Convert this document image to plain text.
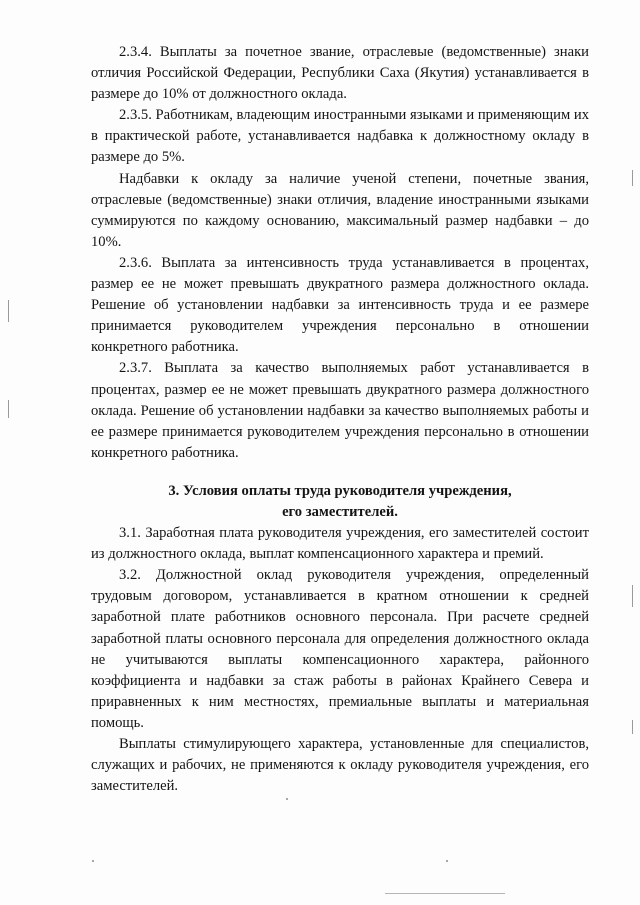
2.3.4. Выплаты за почетное звание, отраслевые (ведомственные) знаки отличия Российской Федерации, Республики Саха (Якутия) устанавливается в размере до 10% от должностного оклада.

2.3.5. Работникам, владеющим иностранными языками и применяющим их в практической работе, устанавливается надбавка к должностному окладу в размере до 5%.

Надбавки к окладу за наличие ученой степени, почетные звания, отраслевые (ведомственные) знаки отличия, владение иностранными языками суммируются по каждому основанию, максимальный размер надбавки – до 10%.

2.3.6. Выплата за интенсивность труда устанавливается в процентах, размер ее не может превышать двукратного размера должностного оклада. Решение об установлении надбавки за интенсивность труда и ее размере принимается руководителем учреждения персонально в отношении конкретного работника.

2.3.7. Выплата за качество выполняемых работ устанавливается в процентах, размер ее не может превышать двукратного размера должностного оклада. Решение об установлении надбавки за качество выполняемых работы и ее размере принимается руководителем учреждения персонально в отношении конкретного работника.

3. Условия оплаты труда руководителя учреждения,
его заместителей.

3.1. Заработная плата руководителя учреждения, его заместителей состоит из должностного оклада, выплат компенсационного характера и премий.

3.2. Должностной оклад руководителя учреждения, определенный трудовым договором, устанавливается в кратном отношении к средней заработной плате работников основного персонала. При расчете средней заработной платы основного персонала для определения должностного оклада не учитываются выплаты компенсационного характера, районного коэффициента и надбавки за стаж работы в районах Крайнего Севера и приравненных к ним местностях, премиальные выплаты и материальная помощь.

Выплаты стимулирующего характера, установленные для специалистов, служащих и рабочих, не применяются к окладу руководителя учреждения, его заместителей.
